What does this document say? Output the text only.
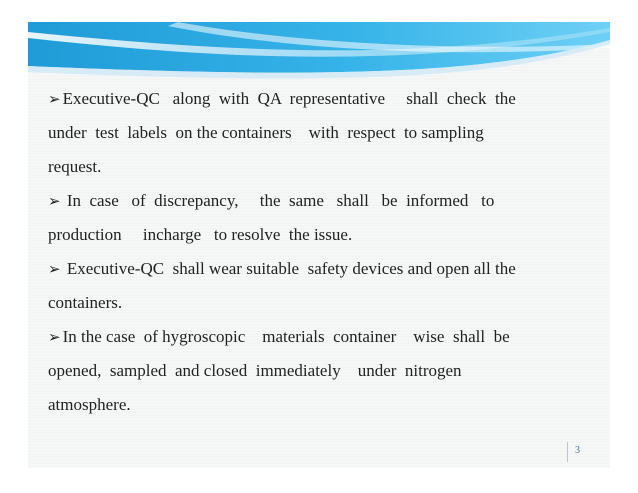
➢ Executive-QC   along  with  QA  representative     shall  check  the
under  test  labels  on the containers    with  respect  to sampling
request.
➢ In  case   of  discrepancy,     the  same   shall   be  informed   to
production     incharge   to resolve  the issue.
➢ Executive-QC  shall wear suitable  safety devices and open all the
containers.
➢ In the case  of hygroscopic    materials  container    wise  shall  be
opened,  sampled  and closed  immediately    under  nitrogen
atmosphere.
3
